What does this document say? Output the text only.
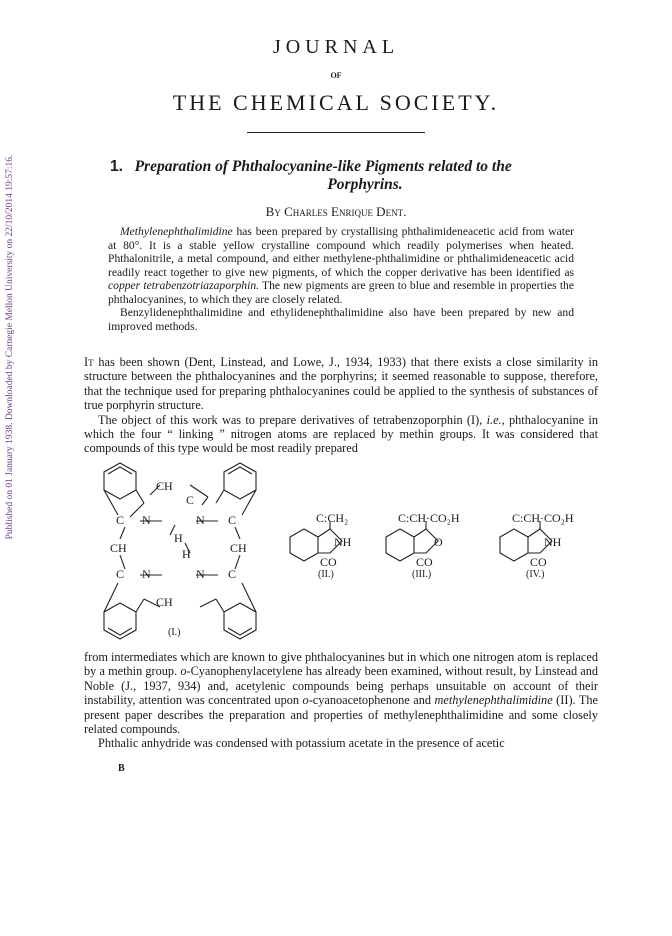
Published on 01 January 1938. Downloaded by Carnegie Mellon University on 22/10/2014 19:57:16.
JOURNAL
OF
THE CHEMICAL SOCIETY.
1. Preparation of Phthalocyanine-like Pigments related to the
Porphyrins.
By Charles Enrique Dent.

Methylenephthalimidine has been prepared by crystallising phthalimideneacetic acid from water at 80°. It is a stable yellow crystalline compound which readily polymerises when heated. Phthalonitrile, a metal compound, and either methylene-phthalimidine or phthalimideneacetic acid readily react together to give new pigments, of which the copper derivative has been identified as copper tetrabenzotriazaporphin. The new pigments are green to blue and resemble in properties the phthalocyanines, to which they are closely related.

Benzylidenephthalimidine and ethylidenephthalimidine also have been prepared by new and improved methods.

It has been shown (Dent, Linstead, and Lowe, J., 1934, 1933) that there exists a close similarity in structure between the phthalocyanines and the porphyrins; it seemed reasonable to suppose, therefore, that the technique used for preparing phthalocyanines could be applied to the synthesis of substances of true porphyrin structure.

The object of this work was to prepare derivatives of tetrabenzoporphin (I), i.e., phthalocyanine in which the four “ linking ” nitrogen atoms are replaced by methin groups. It was considered that compounds of this type would be most readily prepared

CH
C
C N	N C
H
CH	H	CH
C N	N C
CH
(I.)
C:CH₂
NH
CO
(II.)
C:CH·CO₂H
O
CO
(III.)
C:CH·CO₂H
NH
CO
(IV.)

from intermediates which are known to give phthalocyanines but in which one nitrogen atom is replaced by a methin group. o-Cyanophenylacetylene has already been examined, without result, by Linstead and Noble (J., 1937, 934) and, acetylenic compounds being perhaps unsuitable on account of their instability, attention was concentrated upon o-cyanoacetophenone and methylenephthalimidine (II). The present paper describes the preparation and properties of methylenephthalimidine and some closely related compounds.

Phthalic anhydride was condensed with potassium acetate in the presence of acetic

B
